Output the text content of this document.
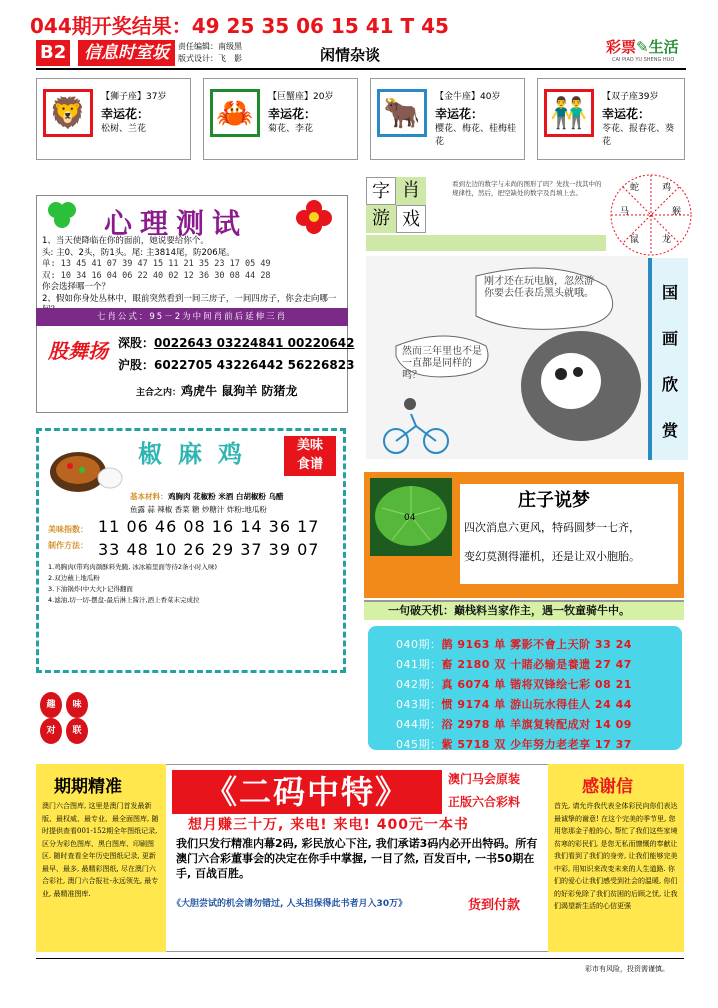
044期开奖结果：49 25 35 06 15 41 T 45
B2	信息时室坂	责任编辑：南级黑
版式设计：飞　影	闲情杂谈	彩票✎生活
CAI PIAO YU SHENG HUO
🦁	【狮子座】37岁
幸运花：
松树、兰花	🦀	【巨蟹座】20岁
幸运花：
菊花、李花	🐂	【金牛座】40岁
幸运花：
樱花、梅花、桂梅桂花
👬	【双子座39岁
幸运花：
苓花、报春花、葵花
心理测试
1、当天使降临在你的面前，她说要给你个。
头: 主0、2头，防1头。尾: 主3814尾，防206尾。
单: 13 45 41 07 39 47 15 11 21 35 23 17 05 49
双: 10 34 16 04 06 22 40 02 12 36 30 08 44 28
你会选择哪一个？
2、假如你身处丛林中，眼前突然看到一间三房子，一间四房子，你会走向哪一
七肖公式：95－2为中间肖前后延伸三肖
股舞扬 深股：0022643 03224841 00220642
沪股：6022705 43226442 56226823
主合之内：鸡虎牛 鼠狗羊 防猪龙
字 肖
游 戏
看到左边的数字与未尚的图形了吗？先找一找其中的规律性，然后，把空缺处的数字及肖填上去。	蛇	鸡
猴
龙
鼠
马
刚才还在玩电脑，忽然游你要去任表岳黑头就哦。
然而三年里也不是一直都是同样的鸣？
国
画
欣
赏
椒麻鸡	美味
食谱
基本材料： 鸡胸肉 花椒粉 米酒 白胡椒粉 乌醋
鱼露 蒜 辣椒 香菜 糖 炒糖汁 炸粉:地瓜粉
美味指数：
制作方法：
11 06 46 08 16 14 36 17
33 48 10 26 29 37 39 07
1.鸡胸肉(带鸡肉颜酥料先腌, 冰冰箱里面等待2条小时入味)
2.双边蘸上地瓜粉
3.下油锅炸(中大火)·记得翻面
4.滤油,切一切-摆盘-最后淋上酱汁,洒上香菜末完成拉
趣	味
对	联
04
庄子说梦
四次消息六更风，特码圆梦一七齐，
变幻莫测得灌机，还是让双小胞胎。
一句破天机：巅栈料当家作主，遇一牧童骑牛中。
040期：鹊 9163 单 雾影不會上天阶 33 24
041期：畜 2180 双 十賭必输是養遗 27 47
042期：真 6074 单 锴将双锋绘七彩 08 21
043期：惯 9174 单 游山玩水得佳人 24 44
044期：浴 2978 单 羊旗复转配成对 14 09
045期：紫 5718 双 少年努力老老享 17 37
期期精准
澳门六合图库, 这里是澳门首发最新版、最权威、最专业、最全面图库, 随时提供查看001-152期全年图纸记录, 区分为彩色图库、黑白图库、印刷图区. 随时查看全年历史图纸记录, 更新最早、最多, 最精彩图纸, 尽在澳门六合彩社, 澳门六合报社-永远领先, 最专业, 最精准图库.
《二码中特》	澳门马会原装
正版六合彩料
想月赚三十万, 来电! 来电! 400元一本书
我们只发行精准内幕2码, 彩民放心下注, 我们承诺3码内必开出特码。所有澳门六合彩董事会的决定在你手中掌握, 一目了然, 百发百中, 一书50期在手, 百战百胜。
《大胆尝试的机会请勿错过, 人头担保得此书者月入30万》	货到付款
感谢信
首先, 请允许我代表全体彩民向你们表达最诚挚的谢意! 在这个完美的季节里, 您用您那金子般的心, 帮忙了我们这些家境贫寒的彩民们, 是您无私而慷慨的奉献让我们看到了我们的身旁, 让我们能够完美中彩, 用知识来改变未来的人生道路. 你们的爱心让我们感受到社会的温暖, 你们的好彩免除了我们贫困的后顾之忧, 让我们渴望新生活的心信更强
彩市有风险，投资需谨慎。
